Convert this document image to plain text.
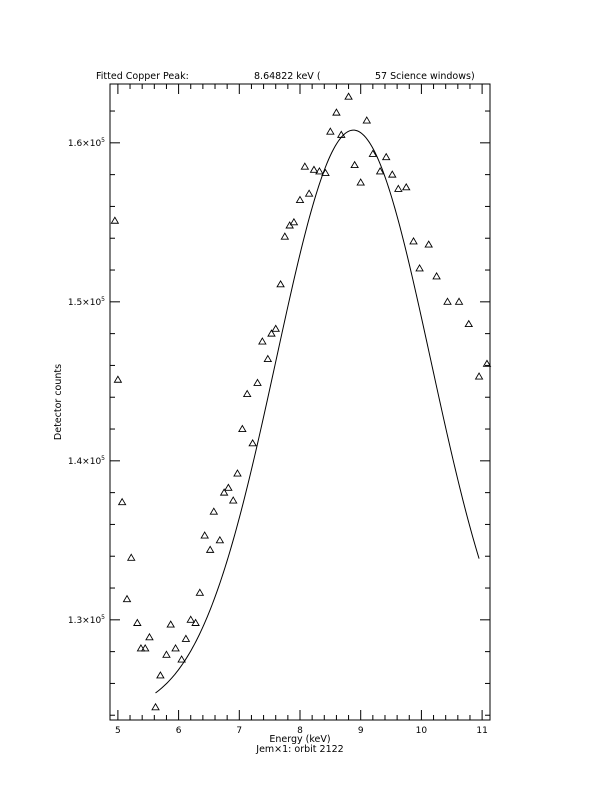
5	6	7	8	9	10	11
$1.3\times 10^5$
$1.4\times 10^5$
$1.5\times 10^5$
$1.6\times 10^5$
Fitted Copper Peak:	8.64822 keV (	57 Science windows)
Energy (keV)
Jem×1: orbit 2122
Detector counts
